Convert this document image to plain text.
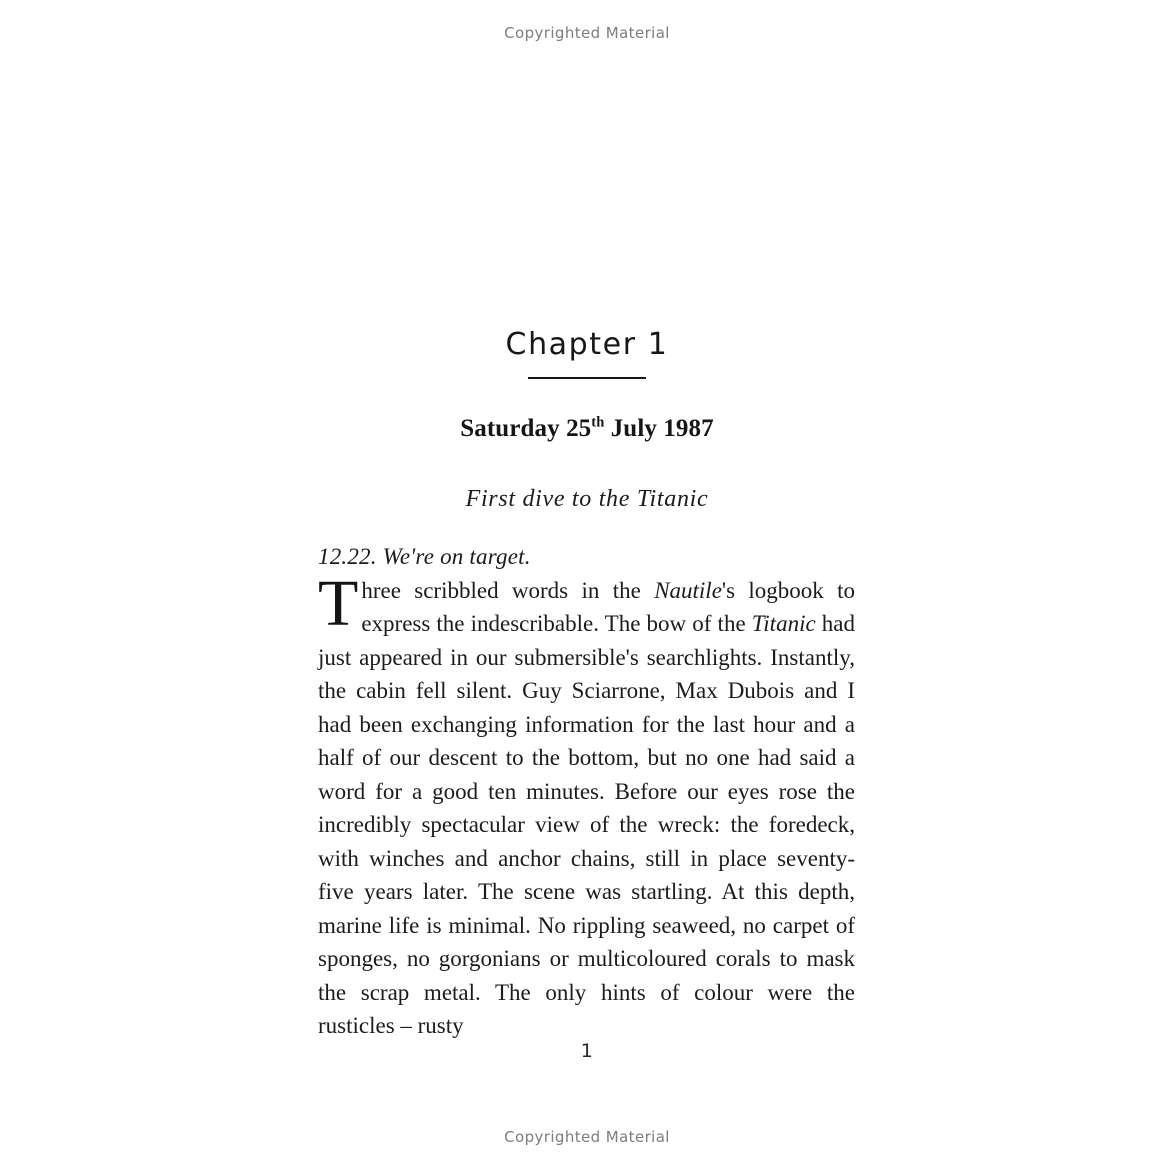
Copyrighted Material
Chapter 1
Saturday 25th July 1987
First dive to the Titanic

12.22. We're on target.

Three scribbled words in the Nautile's logbook to express the indescribable. The bow of the Titanic had just appeared in our submersible's searchlights. Instantly, the cabin fell silent. Guy Sciarrone, Max Dubois and I had been exchanging information for the last hour and a half of our descent to the bottom, but no one had said a word for a good ten minutes. Before our eyes rose the incredibly spectacular view of the wreck: the foredeck, with winches and anchor chains, still in place seventy-five years later. The scene was startling. At this depth, marine life is minimal. No rippling seaweed, no carpet of sponges, no gorgonians or multicoloured corals to mask the scrap metal. The only hints of colour were the rusticles – rusty

1
Copyrighted Material
